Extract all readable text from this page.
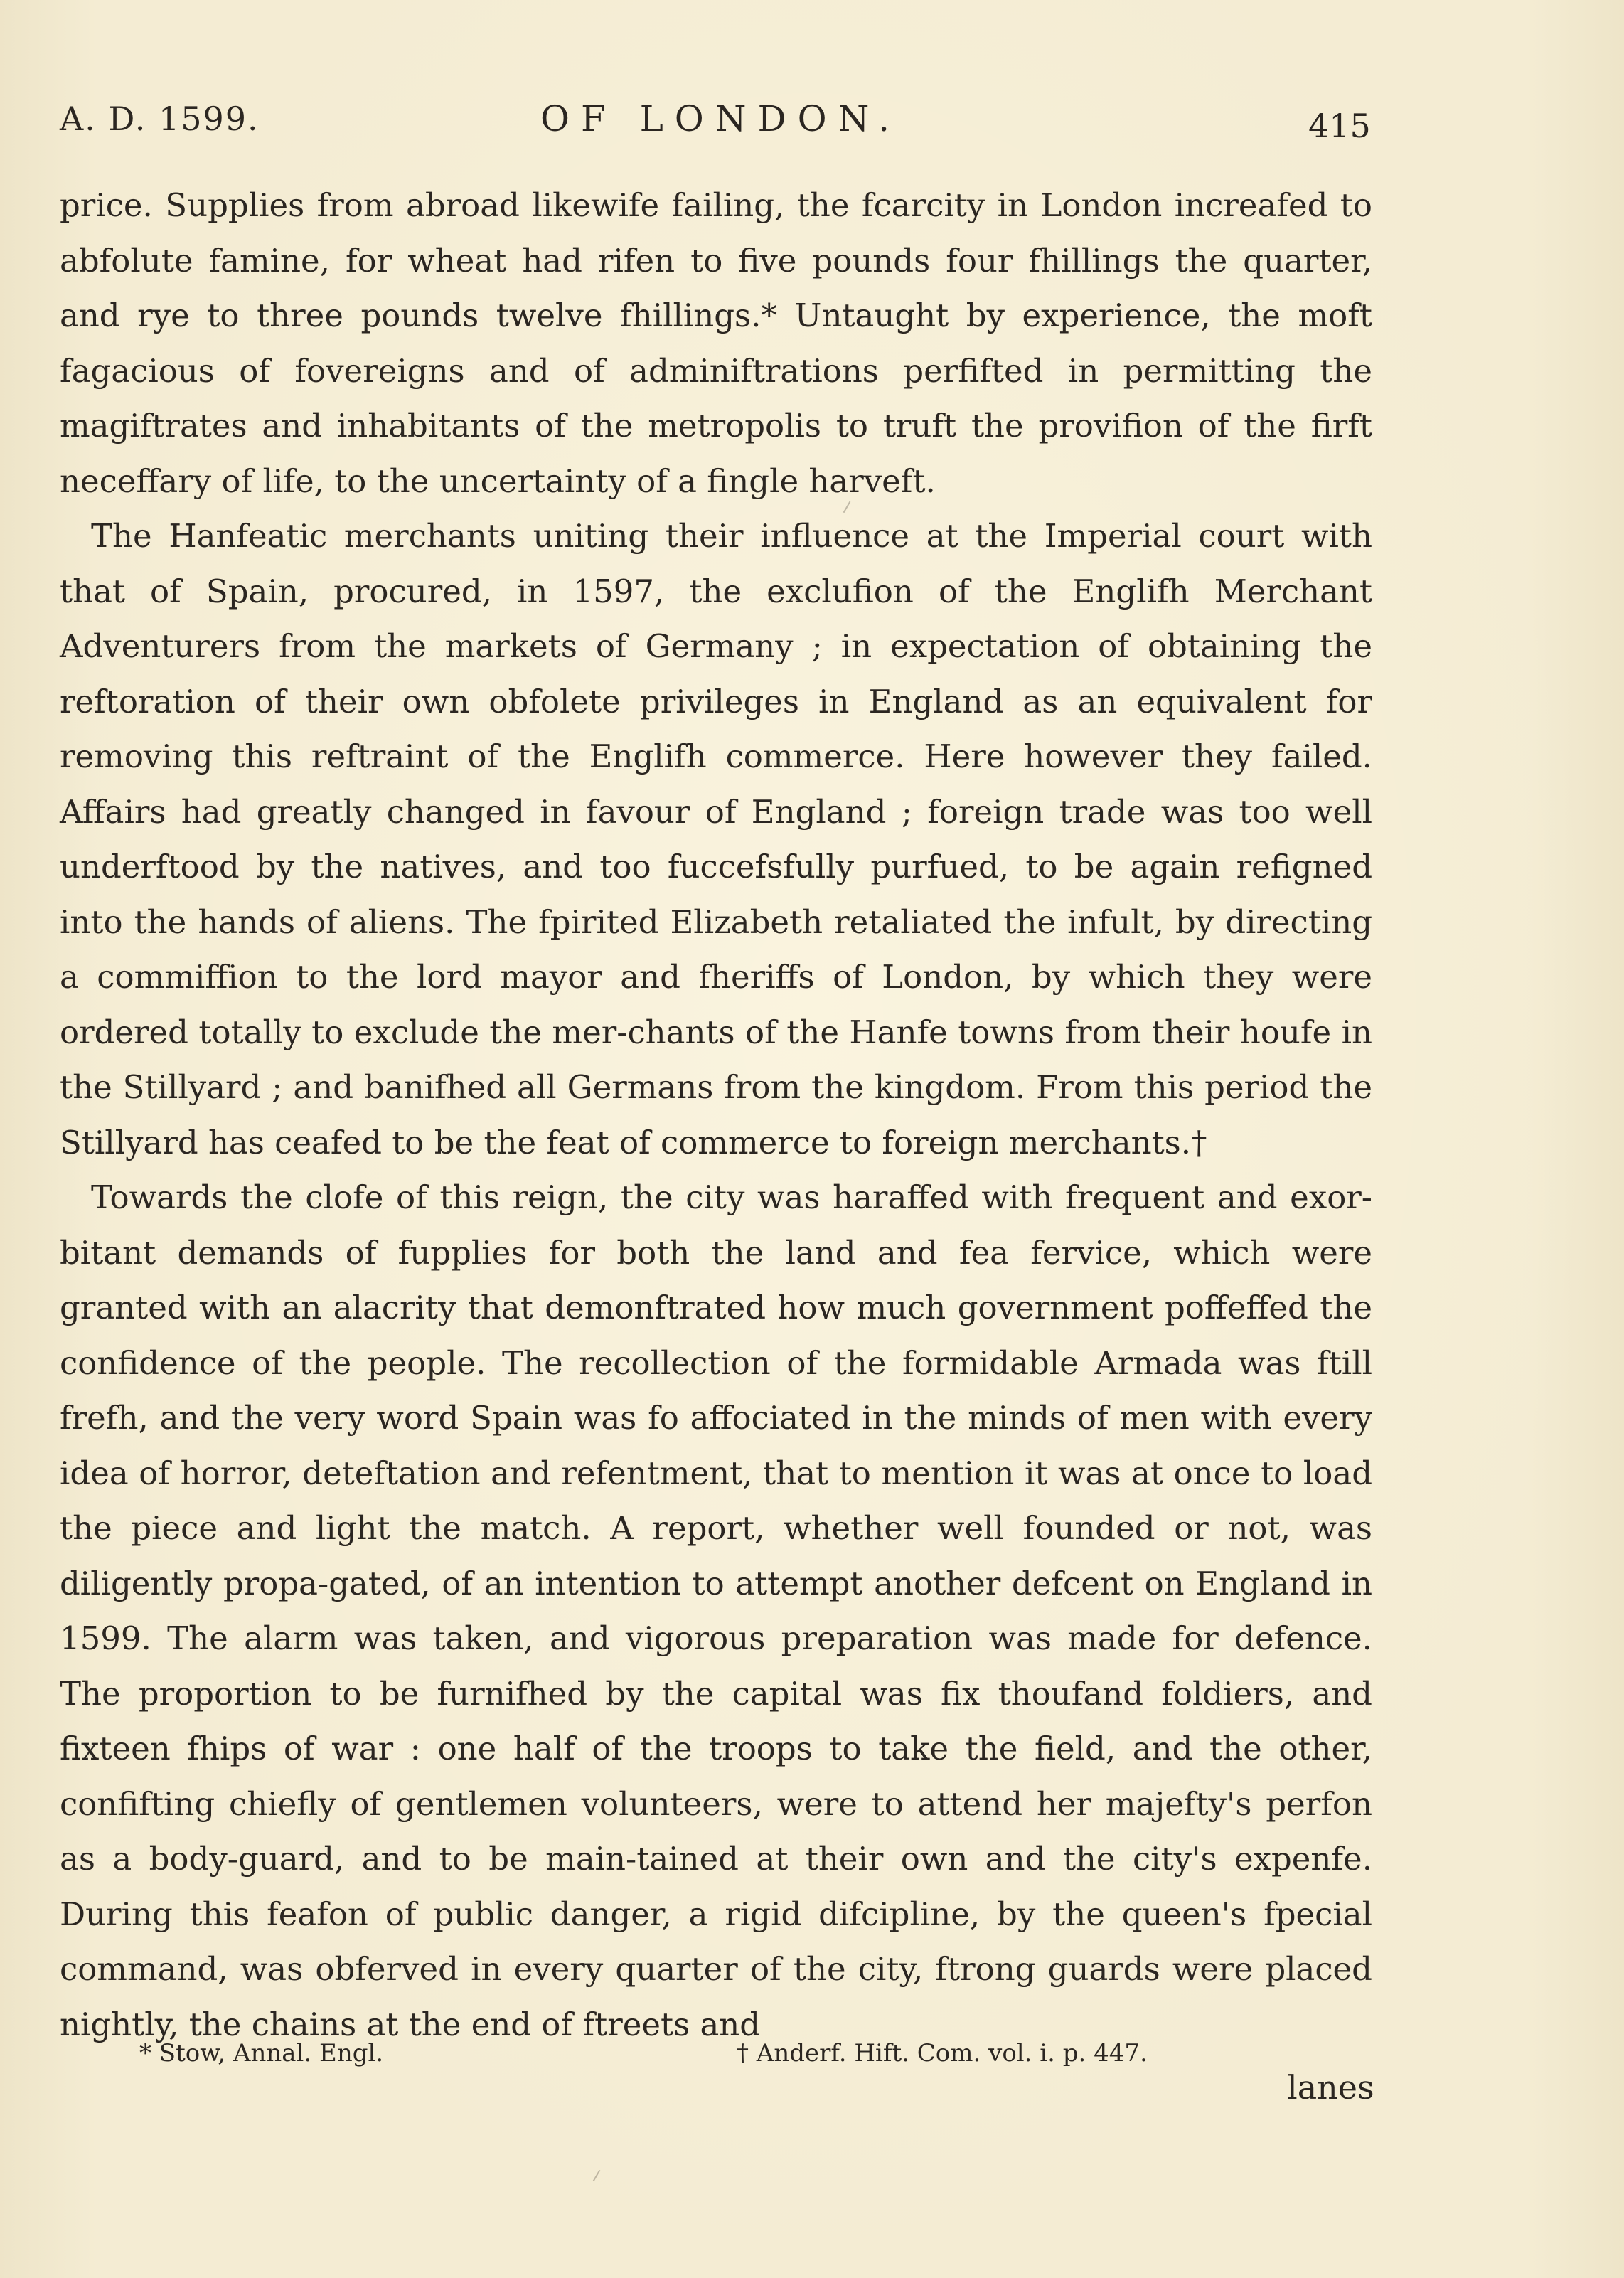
A. D. 1599.	OF LONDON.	415

price. Supplies from abroad likewife failing, the fcarcity in London increafed to abfolute famine, for wheat had rifen to five pounds four fhillings the quarter, and rye to three pounds twelve fhillings.* Untaught by experience, the moft fagacious of fovereigns and of adminiftrations perfifted in permitting the magiftrates and inhabitants of the metropolis to truft the provifion of the firft neceffary of life, to the uncertainty of a fingle harveft.

The Hanfeatic merchants uniting their influence at the Imperial court with that of Spain, procured, in 1597, the exclufion of the Englifh Merchant Adventurers from the markets of Germany ; in expectation of obtaining the reftoration of their own obfolete privileges in England as an equivalent for removing this reftraint of the Englifh commerce. Here however they failed. Affairs had greatly changed in favour of England ; foreign trade was too well underftood by the natives, and too fuccefsfully purfued, to be again refigned into the hands of aliens. The fpirited Elizabeth retaliated the infult, by directing a commiffion to the lord mayor and fheriffs of London, by which they were ordered totally to exclude the mer-chants of the Hanfe towns from their houfe in the Stillyard ; and banifhed all Germans from the kingdom. From this period the Stillyard has ceafed to be the feat of commerce to foreign merchants.†

Towards the clofe of this reign, the city was haraffed with frequent and exor-bitant demands of fupplies for both the land and fea fervice, which were granted with an alacrity that demonftrated how much government poffeffed the confidence of the people. The recollection of the formidable Armada was ftill frefh, and the very word Spain was fo affociated in the minds of men with every idea of horror, deteftation and refentment, that to mention it was at once to load the piece and light the match. A report, whether well founded or not, was diligently propa-gated, of an intention to attempt another defcent on England in 1599. The alarm was taken, and vigorous preparation was made for defence. The proportion to be furnifhed by the capital was fix thoufand foldiers, and fixteen fhips of war : one half of the troops to take the field, and the other, confifting chiefly of gentlemen volunteers, were to attend her majefty's perfon as a body-guard, and to be main-tained at their own and the city's expenfe. During this feafon of public danger, a rigid difcipline, by the queen's fpecial command, was obferved in every quarter of the city, ftrong guards were placed nightly, the chains at the end of ftreets and

* Stow, Annal. Engl.	† Anderf. Hift. Com. vol. i. p. 447.
lanes
